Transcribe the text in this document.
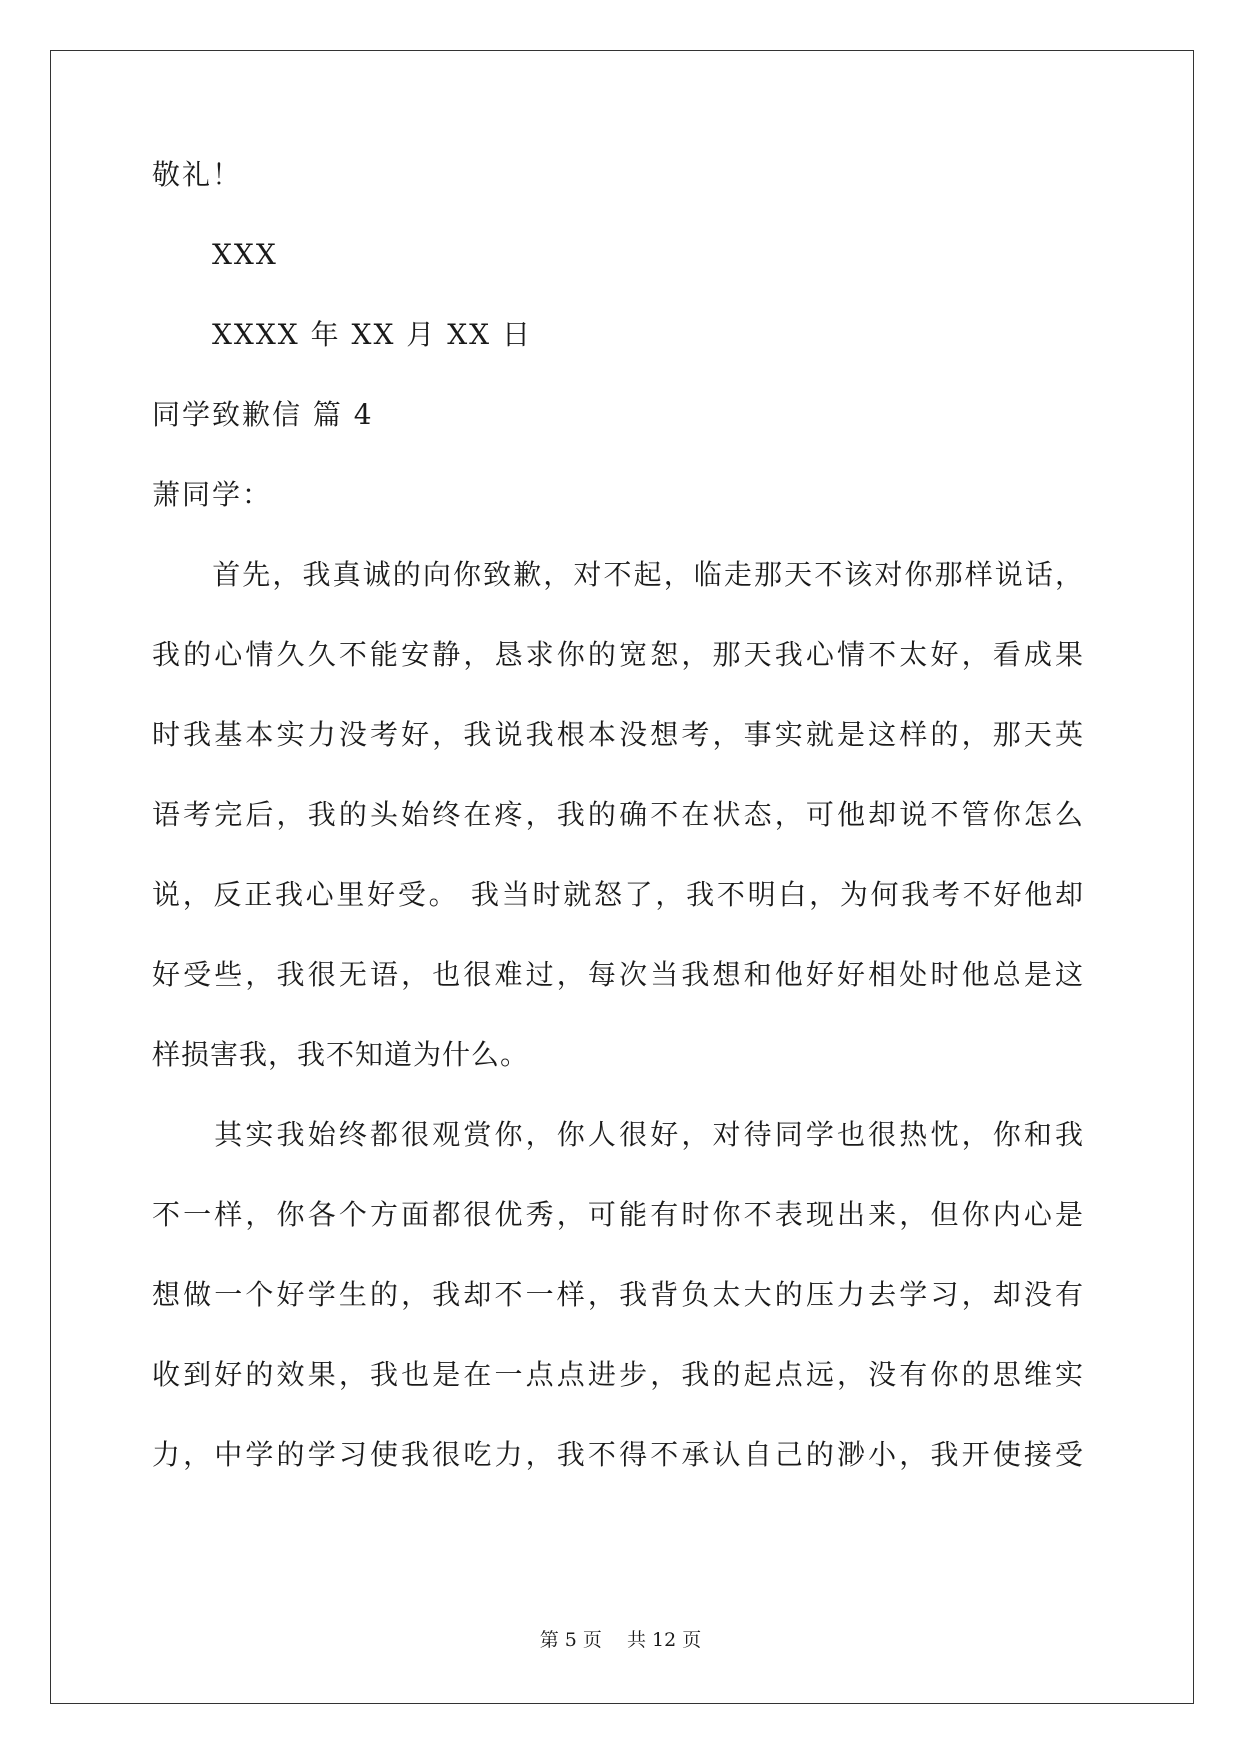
敬礼！
XXX
XXXX 年 XX 月 XX 日
同学致歉信 篇 4
萧同学：
　　首先，我真诚的向你致歉，对不起，临走那天不该对你那样说话，
我的心情久久不能安静，恳求你的宽恕，那天我心情不太好，看成果
时我基本实力没考好，我说我根本没想考，事实就是这样的，那天英
语考完后，我的头始终在疼，我的确不在状态，可他却说不管你怎么
说，反正我心里好受。 我当时就怒了，我不明白，为何我考不好他却
好受些，我很无语，也很难过，每次当我想和他好好相处时他总是这
样损害我，我不知道为什么。
　　其实我始终都很观赏你，你人很好，对待同学也很热忱，你和我
不一样，你各个方面都很优秀，可能有时你不表现出来，但你内心是
想做一个好学生的，我却不一样，我背负太大的压力去学习，却没有
收到好的效果，我也是在一点点进步，我的起点远，没有你的思维实
力，中学的学习使我很吃力，我不得不承认自己的渺小，我开使接受
第 5 页　 共 12 页
